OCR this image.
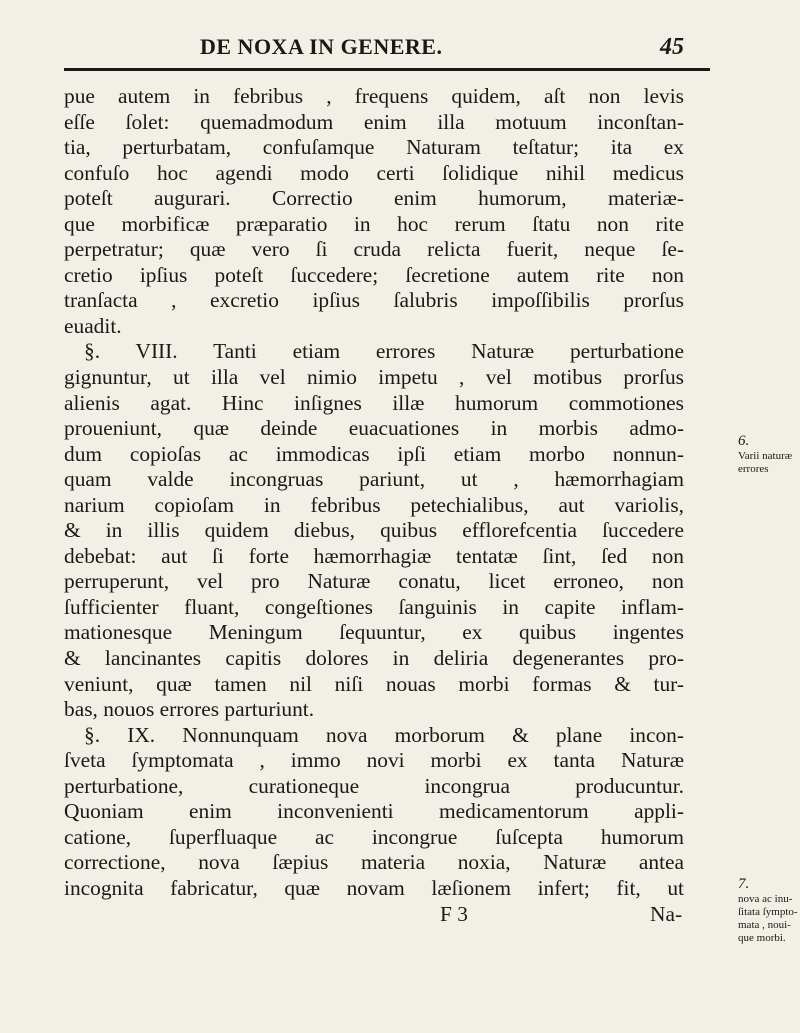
DE NOXA IN GENERE.	45
pue autem in febribus , frequens quidem, aſt non levis
eſſe ſolet: quemadmodum enim illa motuum inconſtan-
tia, perturbatam, confuſamque Naturam teſtatur; ita ex
confuſo hoc agendi modo certi ſolidique nihil medicus
poteſt augurari. Correctio enim humorum, materiæ-
que morbificæ præparatio in hoc rerum ſtatu non rite
perpetratur; quæ vero ſi cruda relicta fuerit, neque ſe-
cretio ipſius poteſt ſuccedere; ſecretione autem rite non
tranſacta , excretio ipſius ſalubris impoſſibilis prorſus
euadit.
§. VIII. Tanti etiam errores Naturæ perturbatione
gignuntur, ut illa vel nimio impetu , vel motibus prorſus
alienis agat. Hinc inſignes illæ humorum commotiones
proueniunt, quæ deinde euacuationes in morbis admo-
dum copioſas ac immodicas ipſi etiam morbo nonnun-
quam valde incongruas pariunt, ut , hæmorrhagiam
narium copioſam in febribus petechialibus, aut variolis,
& in illis quidem diebus, quibus efflorefcentia ſuccedere
debebat: aut ſi forte hæmorrhagiæ tentatæ ſint, ſed non
perruperunt, vel pro Naturæ conatu, licet erroneo, non
ſufficienter fluant, congeſtiones ſanguinis in capite inflam-
mationesque Meningum ſequuntur, ex quibus ingentes
& lancinantes capitis dolores in deliria degenerantes pro-
veniunt, quæ tamen nil niſi nouas morbi formas & tur-
bas, nouos errores parturiunt.
§. IX. Nonnunquam nova morborum & plane incon-
ſveta ſymptomata , immo novi morbi ex tanta Naturæ
perturbatione, curationeque incongrua producuntur.
Quoniam enim inconvenienti medicamentorum appli-
catione, ſuperfluaque ac incongrue ſuſcepta humorum
correctione, nova ſæpius materia noxia, Naturæ antea
incognita fabricatur, quæ novam læſionem infert; fit, ut
F 3	Na-
6.
Varii naturæ
errores
7.
nova ac inu-
ſitata ſympto-
mata , noui-
que morbi.
